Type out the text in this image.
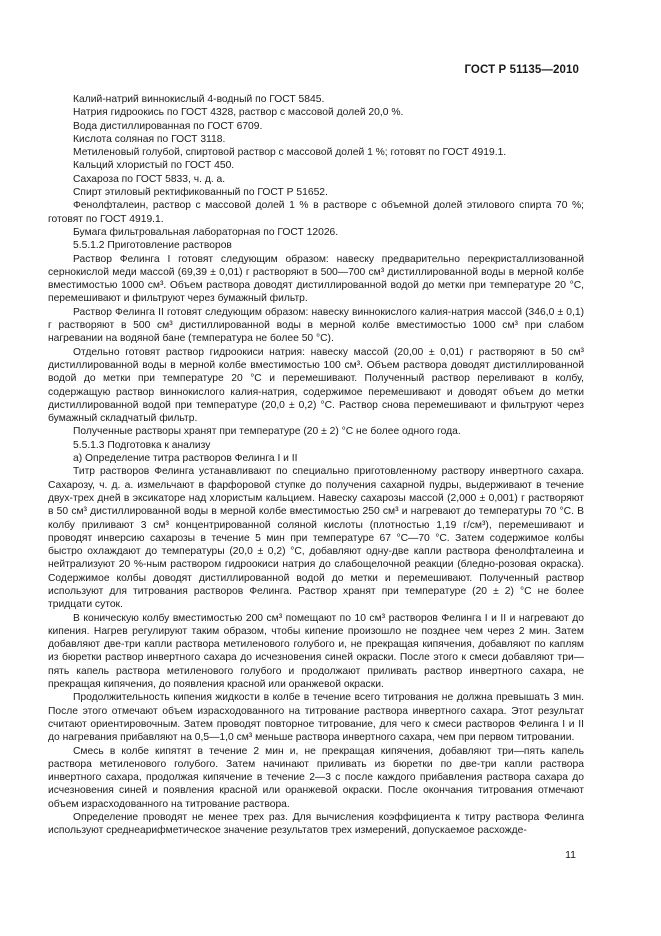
ГОСТ Р 51135—2010

Калий-натрий виннокислый 4-водный по ГОСТ 5845.

Натрия гидроокись по ГОСТ 4328, раствор с массовой долей 20,0 %.

Вода дистиллированная по ГОСТ 6709.

Кислота соляная по ГОСТ 3118.

Метиленовый голубой, спиртовой раствор с массовой долей 1 %; готовят по ГОСТ 4919.1.

Кальций хлористый по ГОСТ 450.

Сахароза по ГОСТ 5833, ч. д. а.

Спирт этиловый ректификованный по ГОСТ Р 51652.

Фенолфталеин, раствор с массовой долей 1 % в растворе с объемной долей этилового спирта 70 %; готовят по ГОСТ 4919.1.

Бумага фильтровальная лабораторная по ГОСТ 12026.

5.5.1.2 Приготовление растворов

Раствор Фелинга I готовят следующим образом: навеску предварительно перекристаллизованной сернокислой меди массой (69,39 ± 0,01) г растворяют в 500—700 см³ дистиллированной воды в мерной колбе вместимостью 1000 см³. Объем раствора доводят дистиллированной водой до метки при температуре 20 °С, перемешивают и фильтруют через бумажный фильтр.

Раствор Фелинга II готовят следующим образом: навеску виннокислого калия-натрия массой (346,0 ± 0,1) г растворяют в 500 см³ дистиллированной воды в мерной колбе вместимостью 1000 см³ при слабом нагревании на водяной бане (температура не более 50 °С).

Отдельно готовят раствор гидроокиси натрия: навеску массой (20,00 ± 0,01) г растворяют в 50 см³ дистиллированной воды в мерной колбе вместимостью 100 см³. Объем раствора доводят дистиллированной водой до метки при температуре 20 °С и перемешивают. Полученный раствор переливают в колбу, содержащую раствор виннокислого калия-натрия, содержимое перемешивают и доводят объем до метки дистиллированной водой при температуре (20,0 ± 0,2) °С. Раствор снова перемешивают и фильтруют через бумажный складчатый фильтр.

Полученные растворы хранят при температуре (20 ± 2) °С не более одного года.

5.5.1.3 Подготовка к анализу

а) Определение титра растворов Фелинга I и II

Титр растворов Фелинга устанавливают по специально приготовленному раствору инвертного сахара. Сахарозу, ч. д. а. измельчают в фарфоровой ступке до получения сахарной пудры, выдерживают в течение двух-трех дней в эксикаторе над хлористым кальцием. Навеску сахарозы массой (2,000 ± 0,001) г растворяют в 50 см³ дистиллированной воды в мерной колбе вместимостью 250 см³ и нагревают до температуры 70 °С. В колбу приливают 3 см³ концентрированной соляной кислоты (плотностью 1,19 г/см³), перемешивают и проводят инверсию сахарозы в течение 5 мин при температуре 67 °С—70 °С. Затем содержимое колбы быстро охлаждают до температуры (20,0 ± 0,2) °С, добавляют одну-две капли раствора фенолфталеина и нейтрализуют 20 %-ным раствором гидроокиси натрия до слабощелочной реакции (бледно-розовая окраска). Содержимое колбы доводят дистиллированной водой до метки и перемешивают. Полученный раствор используют для титрования растворов Фелинга. Раствор хранят при температуре (20 ± 2) °С не более тридцати суток.

В коническую колбу вместимостью 200 см³ помещают по 10 см³ растворов Фелинга I и II и нагревают до кипения. Нагрев регулируют таким образом, чтобы кипение произошло не позднее чем через 2 мин. Затем добавляют две-три капли раствора метиленового голубого и, не прекращая кипячения, добавляют по каплям из бюретки раствор инвертного сахара до исчезновения синей окраски. После этого к смеси добавляют три—пять капель раствора метиленового голубого и продолжают приливать раствор инвертного сахара, не прекращая кипячения, до появления красной или оранжевой окраски.

Продолжительность кипения жидкости в колбе в течение всего титрования не должна превышать 3 мин. После этого отмечают объем израсходованного на титрование раствора инвертного сахара. Этот результат считают ориентировочным. Затем проводят повторное титрование, для чего к смеси растворов Фелинга I и II до нагревания прибавляют на 0,5—1,0 см³ меньше раствора инвертного сахара, чем при первом титровании.

Смесь в колбе кипятят в течение 2 мин и, не прекращая кипячения, добавляют три—пять капель раствора метиленового голубого. Затем начинают приливать из бюретки по две-три капли раствора инвертного сахара, продолжая кипячение в течение 2—3 с после каждого прибавления раствора сахара до исчезновения синей и появления красной или оранжевой окраски. После окончания титрования отмечают объем израсходованного на титрование раствора.

Определение проводят не менее трех раз. Для вычисления коэффициента к титру раствора Фелинга используют среднеарифметическое значение результатов трех измерений, допускаемое расхожде-

11
